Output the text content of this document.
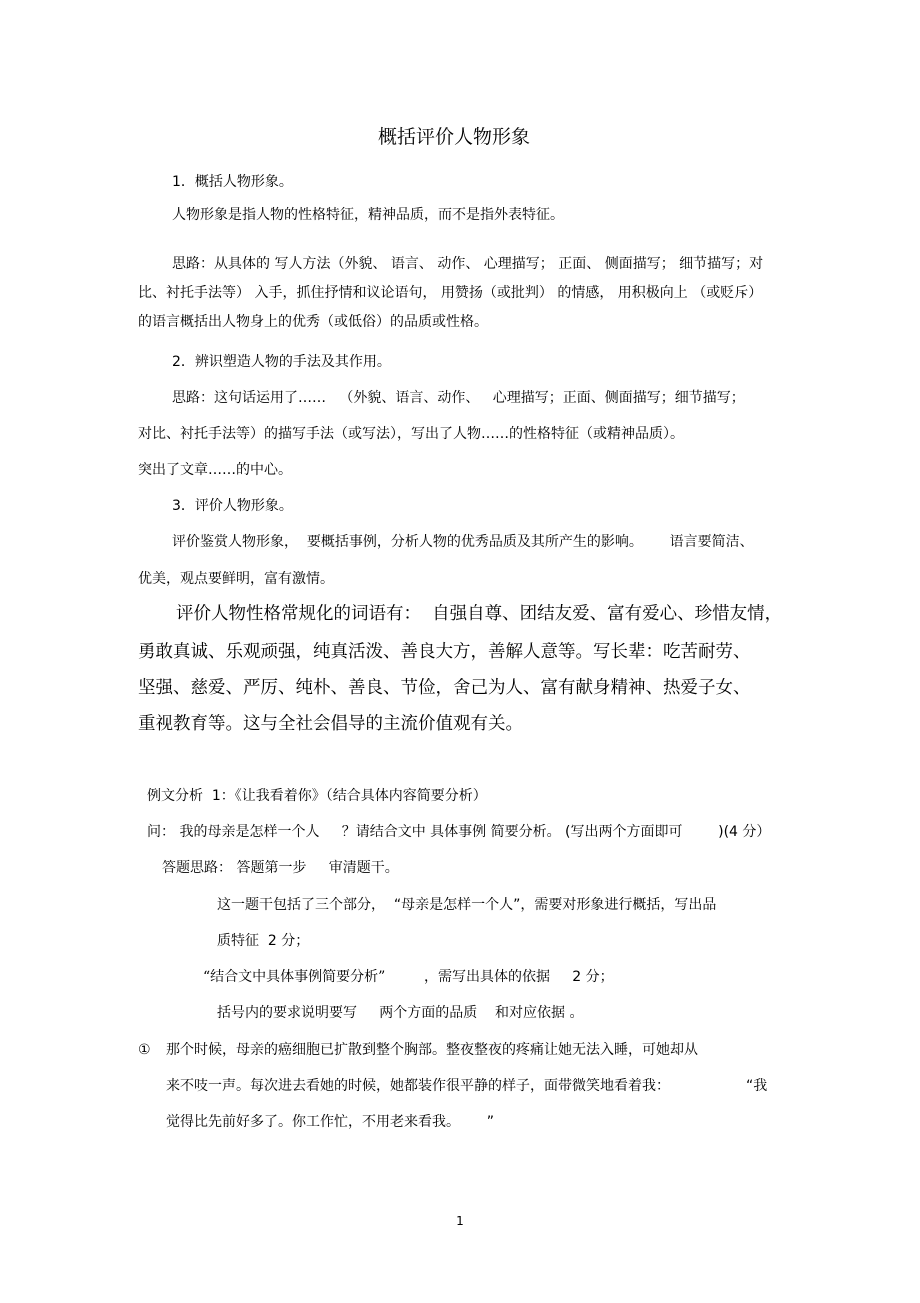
概括评价人物形象
1．概括人物形象。
人物形象是指人物的性格特征，精神品质，而不是指外表特征。
思路：从具体的 写人方法（外貌、 语言、 动作、 心理描写； 正面、 侧面描写； 细节描写；对
比、衬托手法等） 入手，抓住抒情和议论语句， 用赞扬（或批判） 的情感， 用积极向上 （或贬斥）
的语言概括出人物身上的优秀（或低俗）的品质或性格。
2．辨识塑造人物的手法及其作用。
思路：这句话运用了……   （外貌、语言、动作、   心理描写；正面、侧面描写；细节描写；
对比、衬托手法等）的描写手法（或写法），写出了人物……的性格特征（或精神品质）。
突出了文章……的中心。
3．评价人物形象。
评价鉴赏人物形象，  要概括事例，分析人物的优秀品质及其所产生的影响。      语言要简洁、
优美，观点要鲜明，富有激情。
评价人物性格常规化的词语有：  自强自尊、团结友爱、富有爱心、珍惜友情，
勇敢真诚、乐观顽强，纯真活泼、善良大方，善解人意等。写长辈：吃苦耐劳、
坚强、慈爱、严厉、纯朴、善良、节俭，舍己为人、富有献身精神、热爱子女、
重视教育等。这与全社会倡导的主流价值观有关。
例文分析  1：《让我看着你》（结合具体内容简要分析）
问： 我的母亲是怎样一个人     ？请结合文中 具体事例 简要分析。 (写出两个方面即可        )(4 分）
答题思路： 答题第一步     审清题干。
这一题干包括了三个部分，  “母亲是怎样一个人”，需要对形象进行概括，写出品
质特征  2 分；
“结合文中具体事例简要分析”	，需写出具体的依据     2 分；
括号内的要求说明要写     两个方面的品质    和对应依据 。
① 那个时候，母亲的癌细胞已扩散到整个胸部。整夜整夜的疼痛让她无法入睡，可她却从
来不吱一声。每次进去看她的时候，她都装作很平静的样子，面带微笑地看着我：	“我
觉得比先前好多了。你工作忙，不用老来看我。      ”
1
